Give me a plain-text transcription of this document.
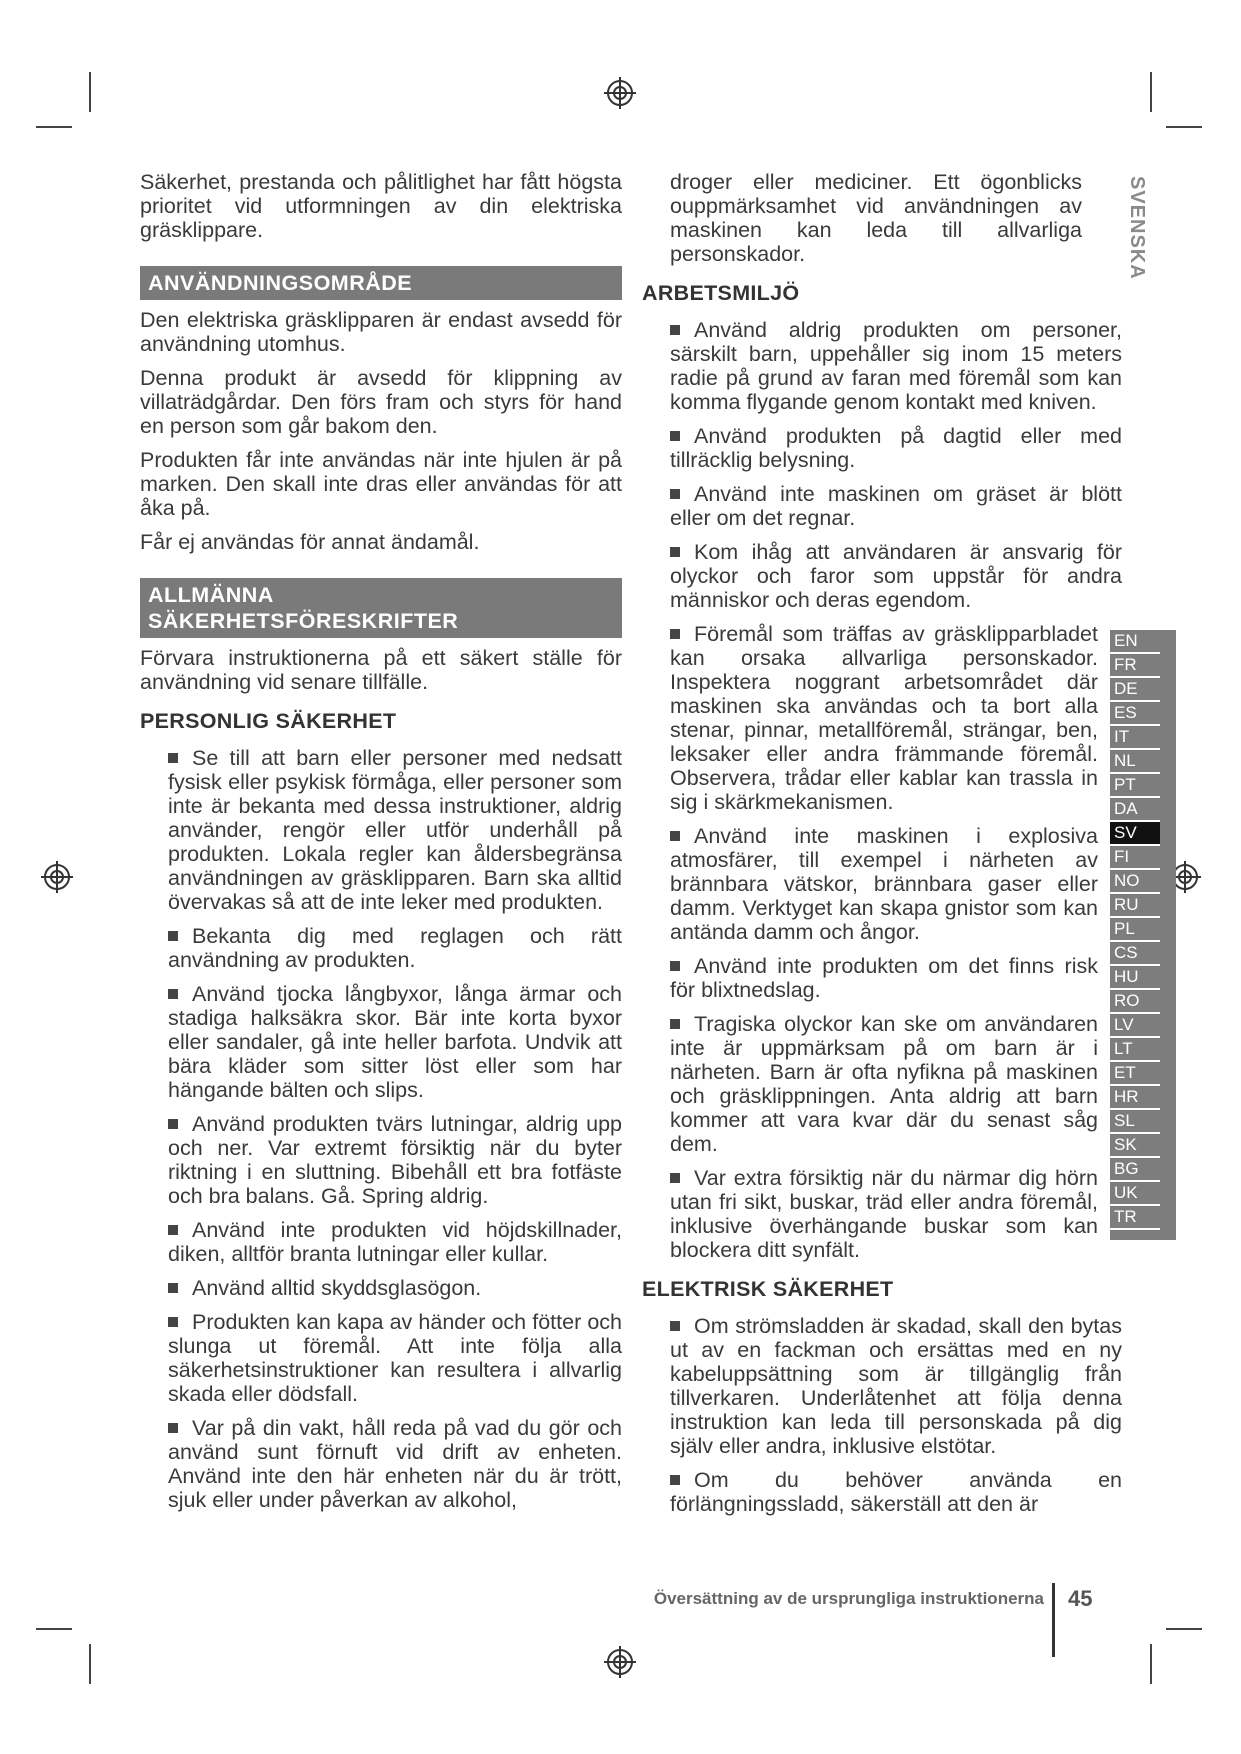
Säkerhet, prestanda och pålitlighet har fått högsta prioritet vid utformningen av din elektriska gräsklippare.

ANVÄNDNINGSOMRÅDE

Den elektriska gräsklipparen är endast avsedd för användning utomhus.

Denna produkt är avsedd för klippning av villaträdgårdar. Den förs fram och styrs för hand en person som går bakom den.

Produkten får inte användas när inte hjulen är på marken. Den skall inte dras eller användas för att åka på.

Får ej användas för annat ändamål.

ALLMÄNNA
SÄKERHETSFÖRESKRIFTER

Förvara instruktionerna på ett säkert ställe för användning vid senare tillfälle.

PERSONLIG SÄKERHET

Se till att barn eller personer med nedsatt fysisk eller psykisk förmåga, eller personer som inte är bekanta med dessa instruktioner, aldrig använder, rengör eller utför underhåll på produkten. Lokala regler kan åldersbegränsa användningen av gräsklipparen. Barn ska alltid övervakas så att de inte leker med produkten.

Bekanta dig med reglagen och rätt användning av produkten.

Använd tjocka långbyxor, långa ärmar och stadiga halksäkra skor. Bär inte korta byxor eller sandaler, gå inte heller barfota. Undvik att bära kläder som sitter löst eller som har hängande bälten och slips.

Använd produkten tvärs lutningar, aldrig upp och ner. Var extremt försiktig när du byter riktning i en sluttning. Bibehåll ett bra fotfäste och bra balans. Gå. Spring aldrig.

Använd inte produkten vid höjdskillnader, diken, alltför branta lutningar eller kullar.

Använd alltid skyddsglasögon.

Produkten kan kapa av händer och fötter och slunga ut föremål. Att inte följa alla säkerhetsinstruktioner kan resultera i allvarlig skada eller dödsfall.

Var på din vakt, håll reda på vad du gör och använd sunt förnuft vid drift av enheten. Använd inte den här enheten när du är trött, sjuk eller under påverkan av alkohol,

droger eller mediciner. Ett ögonblicks ouppmärksamhet vid användningen av maskinen kan leda till allvarliga personskador.

ARBETSMILJÖ

Använd aldrig produkten om personer, särskilt barn, uppehåller sig inom 15 meters radie på grund av faran med föremål som kan komma flygande genom kontakt med kniven.

Använd produkten på dagtid eller med tillräcklig belysning.

Använd inte maskinen om gräset är blött eller om det regnar.

Kom ihåg att användaren är ansvarig för olyckor och faror som uppstår för andra människor och deras egendom.

Föremål som träffas av gräsklipparbladet kan orsaka allvarliga personskador. Inspektera noggrant arbetsområdet där maskinen ska användas och ta bort alla stenar, pinnar, metallföremål, strängar, ben, leksaker eller andra främmande föremål. Observera, trådar eller kablar kan trassla in sig i skärkmekanismen.

Använd inte maskinen i explosiva atmosfärer, till exempel i närheten av brännbara vätskor, brännbara gaser eller damm. Verktyget kan skapa gnistor som kan antända damm och ångor.

Använd inte produkten om det finns risk för blixtnedslag.

Tragiska olyckor kan ske om användaren inte är uppmärksam på om barn är i närheten. Barn är ofta nyfikna på maskinen och gräsklippningen. Anta aldrig att barn kommer att vara kvar där du senast såg dem.

Var extra försiktig när du närmar dig hörn utan fri sikt, buskar, träd eller andra föremål, inklusive överhängande buskar som kan blockera ditt synfält.

ELEKTRISK SÄKERHET

Om strömsladden är skadad, skall den bytas ut av en fackman och ersättas med en ny kabeluppsättning som är tillgänglig från tillverkaren. Underlåtenhet att följa denna instruktion kan leda till personskada på dig själv eller andra, inklusive elstötar.

Om du behöver använda en förlängningssladd, säkerställ att den är

SVENSKA
EN
FR
DE
ES
IT
NL
PT
DA
SV
FI
NO
RU
PL
CS
HU
RO
LV
LT
ET
HR
SL
SK
BG
UK
TR
Översättning av de ursprungliga instruktionerna 45
